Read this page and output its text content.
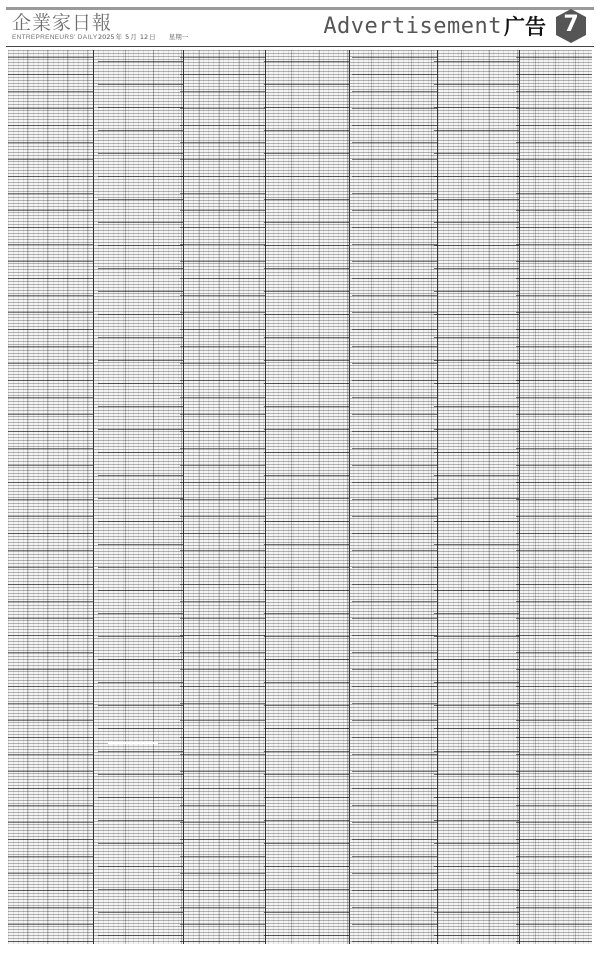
企業家日報
ENTREPRENEURS' DAILY 2025年 5月 12日 星期一	Advertisement 广告 7
